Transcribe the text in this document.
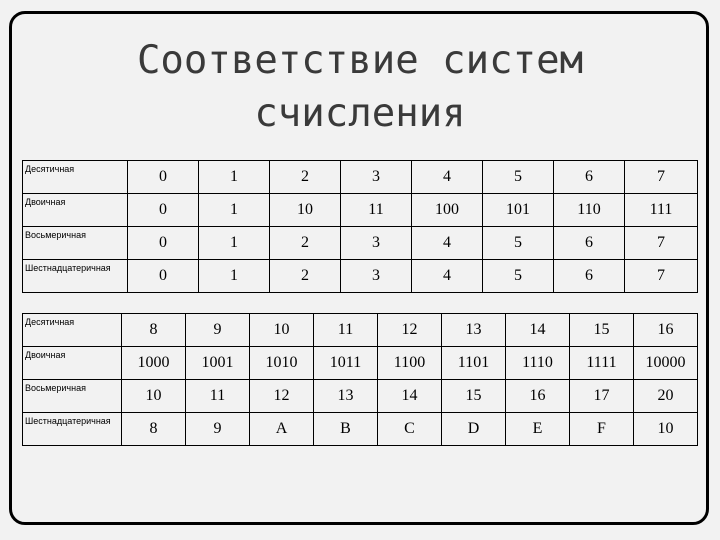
Соответствие систем
счисления
Десятичная	0	1	2	3	4	5	6	7
Двоичная	0	1	10	11	100	101	110	111
Восьмеричная	0	1	2	3	4	5	6	7
Шестнадцатеричная	0	1	2	3	4	5	6	7
Десятичная	8	9	10	11	12	13	14	15	16
Двоичная	1000	1001	1010	1011	1100	1101	1110	1111	10000
Восьмеричная	10	11	12	13	14	15	16	17	20
Шестнадцатеричная	8	9	A	B	C	D	E	F	10
